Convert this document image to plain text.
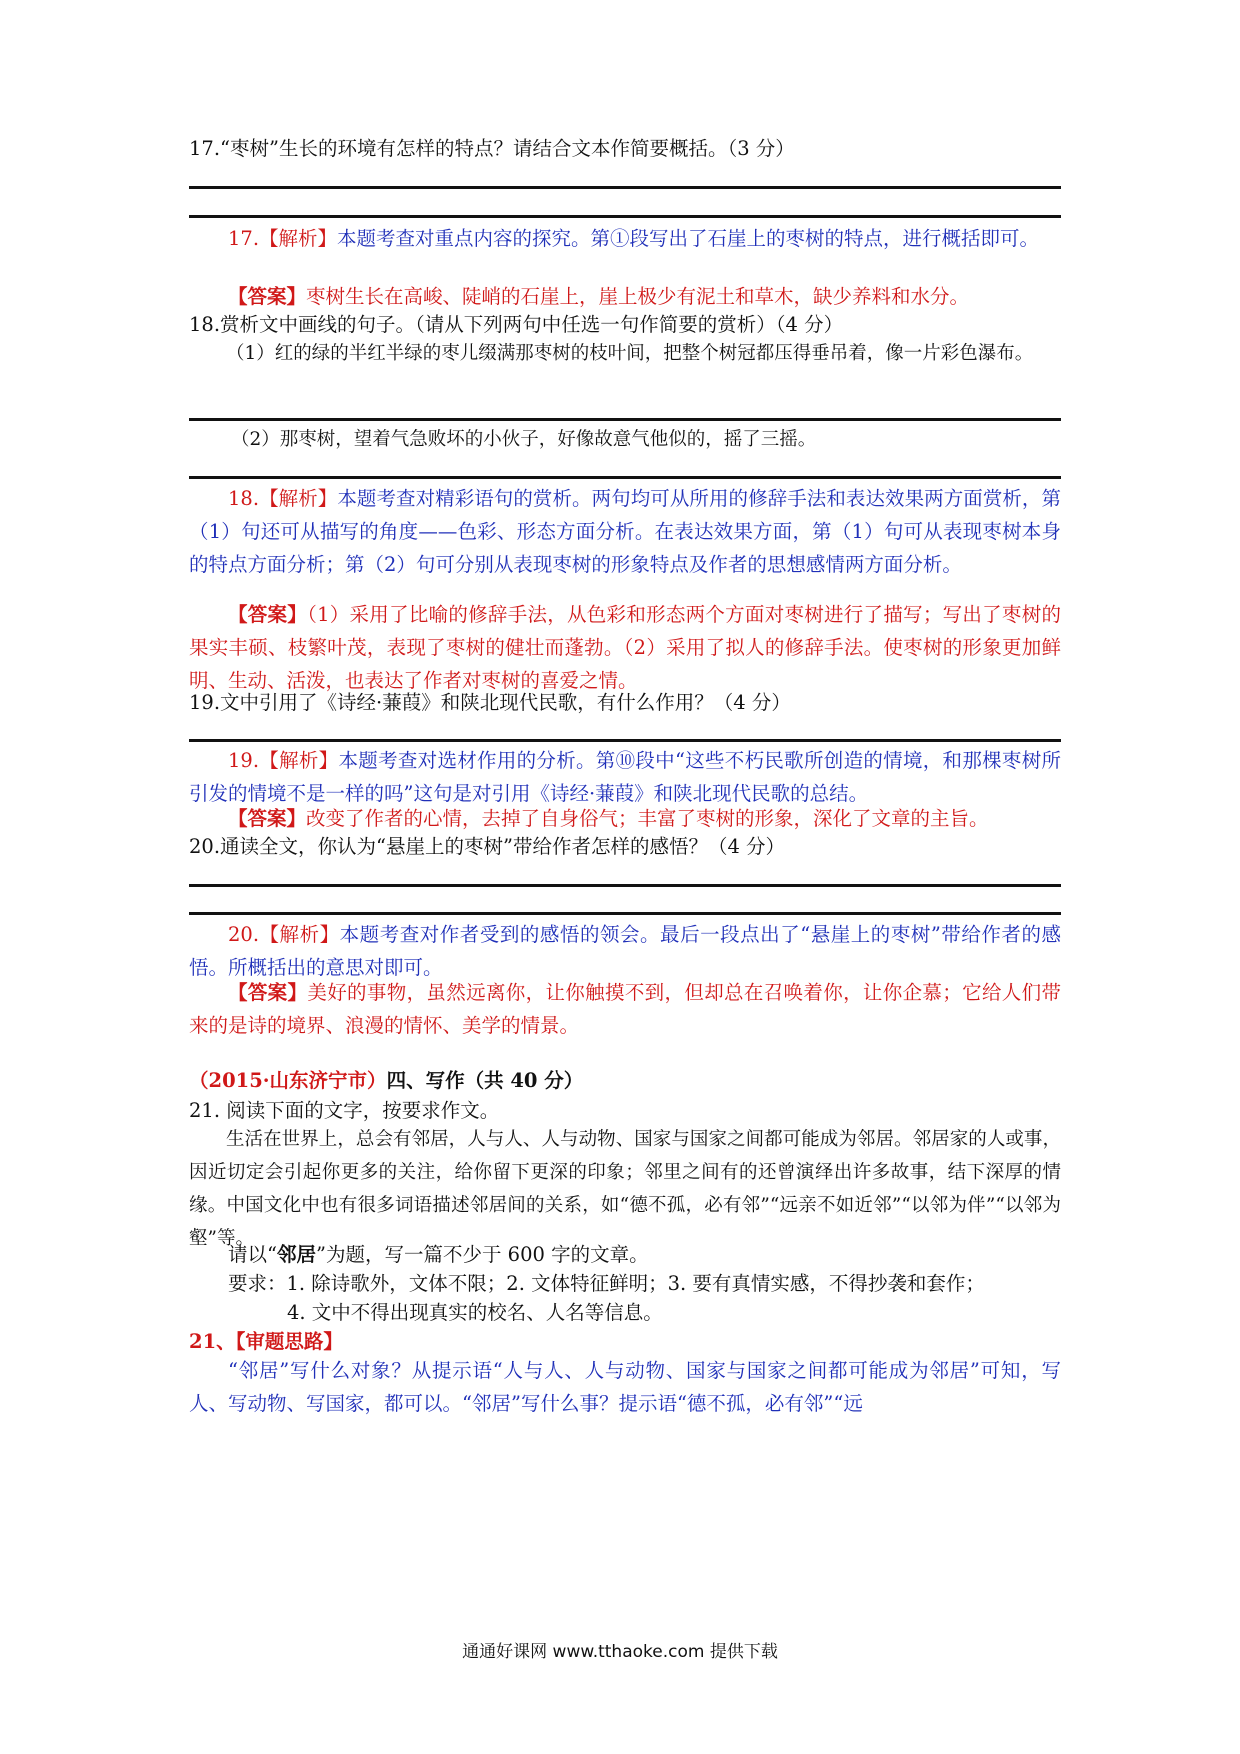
17.“枣树”生长的环境有怎样的特点？请结合文本作简要概括。（3 分）
17.【解析】本题考查对重点内容的探究。第①段写出了石崖上的枣树的特点，进行概括即可。
【答案】枣树生长在高峻、陡峭的石崖上，崖上极少有泥土和草木，缺少养料和水分。
18.赏析文中画线的句子。（请从下列两句中任选一句作简要的赏析）（4 分）
（1）红的绿的半红半绿的枣儿缀满那枣树的枝叶间，把整个树冠都压得垂吊着，像一片彩色瀑布。
（2）那枣树，望着气急败坏的小伙子，好像故意气他似的，摇了三摇。
18.【解析】本题考查对精彩语句的赏析。两句均可从所用的修辞手法和表达效果两方面赏析，第（1）句还可从描写的角度——色彩、形态方面分析。在表达效果方面，第（1）句可从表现枣树本身的特点方面分析；第（2）句可分别从表现枣树的形象特点及作者的思想感情两方面分析。
【答案】（1）采用了比喻的修辞手法，从色彩和形态两个方面对枣树进行了描写；写出了枣树的果实丰硕、枝繁叶茂，表现了枣树的健壮而蓬勃。（2）采用了拟人的修辞手法。使枣树的形象更加鲜明、生动、活泼，也表达了作者对枣树的喜爱之情。
19.文中引用了《诗经·蒹葭》和陕北现代民歌，有什么作用？（4 分）
19.【解析】本题考查对选材作用的分析。第⑩段中“这些不朽民歌所创造的情境，和那棵枣树所引发的情境不是一样的吗”这句是对引用《诗经·蒹葭》和陕北现代民歌的总结。
【答案】改变了作者的心情，去掉了自身俗气；丰富了枣树的形象，深化了文章的主旨。
20.通读全文，你认为“悬崖上的枣树”带给作者怎样的感悟？（4 分）
20.【解析】本题考查对作者受到的感悟的领会。最后一段点出了“悬崖上的枣树”带给作者的感悟。所概括出的意思对即可。
【答案】美好的事物，虽然远离你，让你触摸不到，但却总在召唤着你，让你企慕；它给人们带来的是诗的境界、浪漫的情怀、美学的情景。
（2015·山东济宁市）四、写作（共 40 分）
21. 阅读下面的文字，按要求作文。
生活在世界上，总会有邻居，人与人、人与动物、国家与国家之间都可能成为邻居。邻居家的人或事，因近切定会引起你更多的关注，给你留下更深的印象；邻里之间有的还曾演绎出许多故事，结下深厚的情缘。中国文化中也有很多词语描述邻居间的关系，如“德不孤，必有邻”“远亲不如近邻”“以邻为伴”“以邻为壑”等。
请以“邻居”为题，写一篇不少于 600 字的文章。
要求：1. 除诗歌外，文体不限；2. 文体特征鲜明；3. 要有真情实感，不得抄袭和套作；
4. 文中不得出现真实的校名、人名等信息。
21、【审题思路】
“邻居”写什么对象？从提示语“人与人、人与动物、国家与国家之间都可能成为邻居”可知，写人、写动物、写国家，都可以。“邻居”写什么事？提示语“德不孤，必有邻”“远
通通好课网 www.tthaoke.com 提供下载
